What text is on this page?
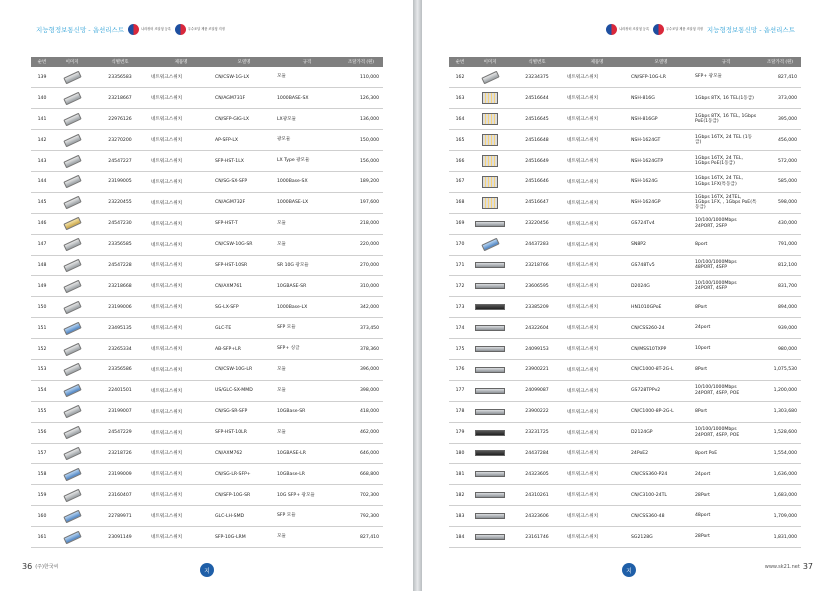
지능형정보통신망 - 옵션리스트	나라장터 조달청 등록	우수조달 제품 조달청 지정
순번	이미지	식별번호	제품명	모델명	규격	조달가격 (원)
139		23356583	네트워크스위치	CN/CSW-1G-LX	모듈	110,000
140		23218667	네트워크스위치	CN/AGM731F	1000BASE-SX	126,300
141		22976126	네트워크스위치	CN/SFP-GIG-LX	LX광모듈	136,000
142		23270200	네트워크스위치	AP-SFP-LX	광모듈	150,000
143		24547227	네트워크스위치	SFP-HST-1LX	LX Type 광모듈	156,000
144		23199005	네트워크스위치	CN/SG-SX-SFP	1000Base-SX	189,200
145		23220455	네트워크스위치	CN/AGM732F	1000BASE-LX	197,600
146		24547230	네트워크스위치	SFP-HST-T	모듈	218,000
147		23356585	네트워크스위치	CN/CSW-10G-SR	모듈	220,000
148		24547228	네트워크스위치	SFP-HST-10SR	SR 10G 광모듈	270,000
149		23218668	네트워크스위치	CN/AXM761	10GBASE-SR	310,000
150		23199006	네트워크스위치	SG-LX-SFP	1000Base-LX	342,000
151		23495135	네트워크스위치	GLC-TE	SFP 모듈	373,450
152		23265334	네트워크스위치	AB-SFP+LR	SFP+ 싱글	378,360
153		23356586	네트워크스위치	CN/CSW-10G-LR	모듈	396,000
154		22401501	네트워크스위치	US/GLC-SX-MMD	모듈	398,000
155		23199007	네트워크스위치	CN/SG-SR-SFP	10GBase-SR	418,000
156		24547229	네트워크스위치	SFP-HST-10LR	모듈	462,000
157		23218726	네트워크스위치	CN/AXM762	10GBASE-LR	646,000
158		23199009	네트워크스위치	CN/SG-LR-SFP+	10GBase-LR	668,800
159		23160407	네트워크스위치	CN/SFP-10G-SR	10G SFP+ 광모듈	702,300
160		22789971	네트워크스위치	GLC-LH-SMD	SFP 모듈	792,300
161		23091149	네트워크스위치	SFP-10G-LRM	모듈	827,410
36 (주)한국씨
지
지능형정보통신망 - 옵션리스트
우수조달 제품 조달청 지정
나라장터 조달청 등록
순번	이미지	식별번호	제품명	모델명	규격	조달가격 (원)
162		23234375	네트워크스위치	CN/SFP-10G-LR	SFP+ 광모듈	827,410
163		24516644	네트워크스위치	NSH-816G	1Gbps 8TX, 16 TEL(1동급)	373,000
164		24516645	네트워크스위치	NSH-816GP	1Gbps 8TX, 16 TEL, 1Gbps PoE(1동급)	395,000
165		24516648	네트워크스위치	NSH-1624GT	1Gbps 16TX, 24 TEL (1동급)	456,000
166		24516649	네트워크스위치	NSH-1624GTP	1Gbps 16TX, 24 TEL, 1Gbps PoE(1동급)	572,000
167		24516646	네트워크스위치	NSH-1624G	1Gbps 16TX, 24 TEL, 1Gbps 1FX(특동급)	585,000
168		24516647	네트워크스위치	NSH-1624GP	1Gbps 16TX, 24TEL, 1Gbps 1FX, , 1Gbps PoE(특동급)	598,000
169		23220456	네트워크스위치	GS724Tv4	10/100/1000Mbps 24PORT, 2SFP	430,000
170		24437283	네트워크스위치	SN8P2	8port	791,000
171		23218766	네트워크스위치	GS748Tv5	10/100/1000Mbps 48PORT, 4SFP	812,100
172		23606595	네트워크스위치	D2024G	10/100/1000Mbps 24PORT, 4SFP	831,700
173		23385209	네트워크스위치	HN1010GPoE	8Port	894,000
174		24322604	네트워크스위치	CN/CSS260-24	24port	939,000
175		24099153	네트워크스위치	CN/MSS10TXPP	10port	980,000
176		23900221	네트워크스위치	CN/C1000-8T-2G-L	8Port	1,075,530
177		24099087	네트워크스위치	GS728TPPv2	10/100/1000Mbps 24PORT, 4SFP, POE	1,200,000
178		23900222	네트워크스위치	CN/C1000-8P-2G-L	8Port	1,303,680
179		23231725	네트워크스위치	D2124GP	10/100/1000Mbps 24PORT, 4SFP, POE	1,528,600
180		24437284	네트워크스위치	24PoE2	8port PoE	1,554,000
181		24323605	네트워크스위치	CN/CSS360-P24	24port	1,636,000
182		24310261	네트워크스위치	CN/C3100-24TL	28Port	1,683,000
183		24323606	네트워크스위치	CN/CSS360-48	48port	1,709,000
184		23161746	네트워크스위치	SG2128G	28Port	1,831,000
www.sk21.net 37
지
